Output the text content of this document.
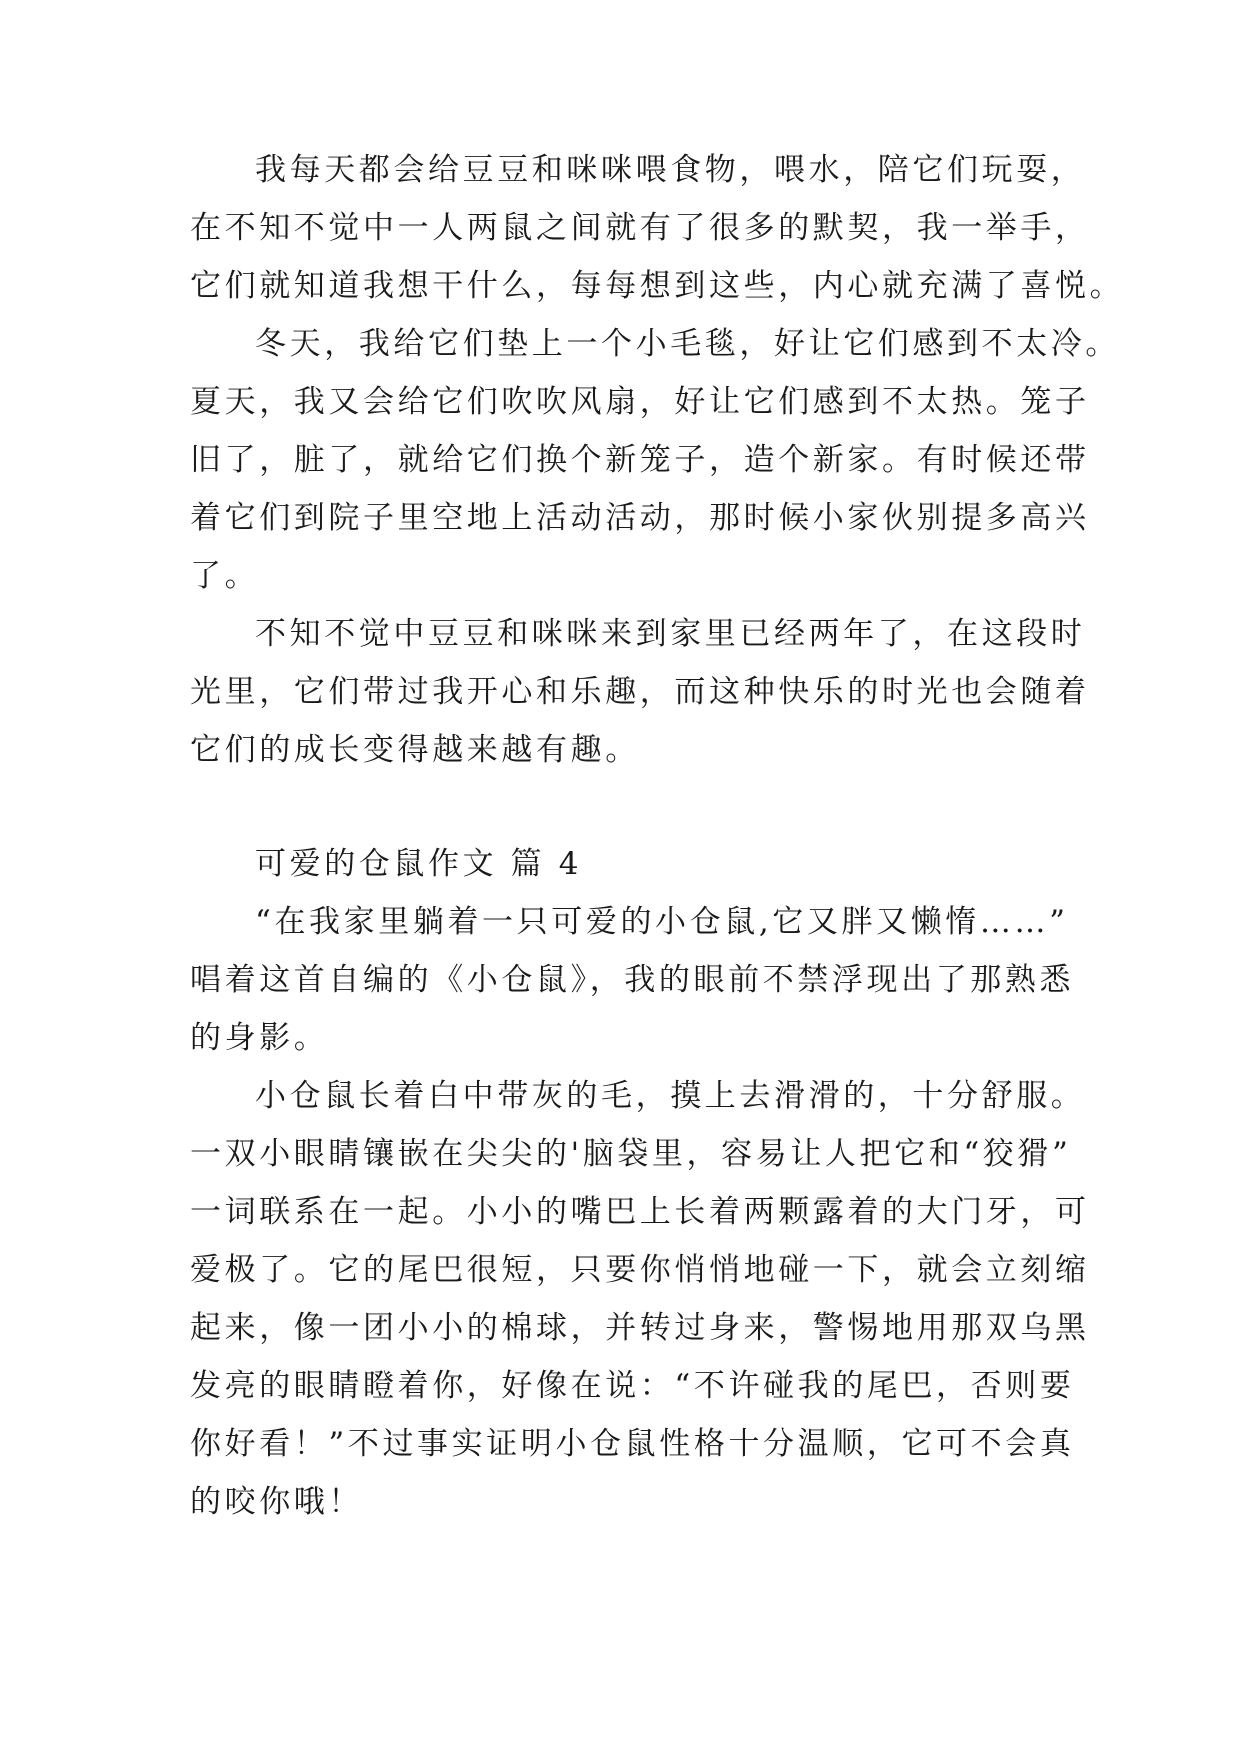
我每天都会给豆豆和咪咪喂食物，喂水，陪它们玩耍，
在不知不觉中一人两鼠之间就有了很多的默契，我一举手，
它们就知道我想干什么，每每想到这些，内心就充满了喜悦。
冬天，我给它们垫上一个小毛毯，好让它们感到不太冷。
夏天，我又会给它们吹吹风扇，好让它们感到不太热。笼子
旧了，脏了，就给它们换个新笼子，造个新家。有时候还带
着它们到院子里空地上活动活动，那时候小家伙别提多高兴
了。
不知不觉中豆豆和咪咪来到家里已经两年了，在这段时
光里，它们带过我开心和乐趣，而这种快乐的时光也会随着
它们的成长变得越来越有趣。
可爱的仓鼠作文 篇 4
“在我家里躺着一只可爱的小仓鼠,它又胖又懒惰……”
唱着这首自编的《小仓鼠》，我的眼前不禁浮现出了那熟悉
的身影。
小仓鼠长着白中带灰的毛，摸上去滑滑的，十分舒服。
一双小眼睛镶嵌在尖尖的'脑袋里，容易让人把它和“狡猾”
一词联系在一起。小小的嘴巴上长着两颗露着的大门牙，可
爱极了。它的尾巴很短，只要你悄悄地碰一下，就会立刻缩
起来，像一团小小的棉球，并转过身来，警惕地用那双乌黑
发亮的眼睛瞪着你，好像在说：“不许碰我的尾巴，否则要
你好看！”不过事实证明小仓鼠性格十分温顺，它可不会真
的咬你哦！
